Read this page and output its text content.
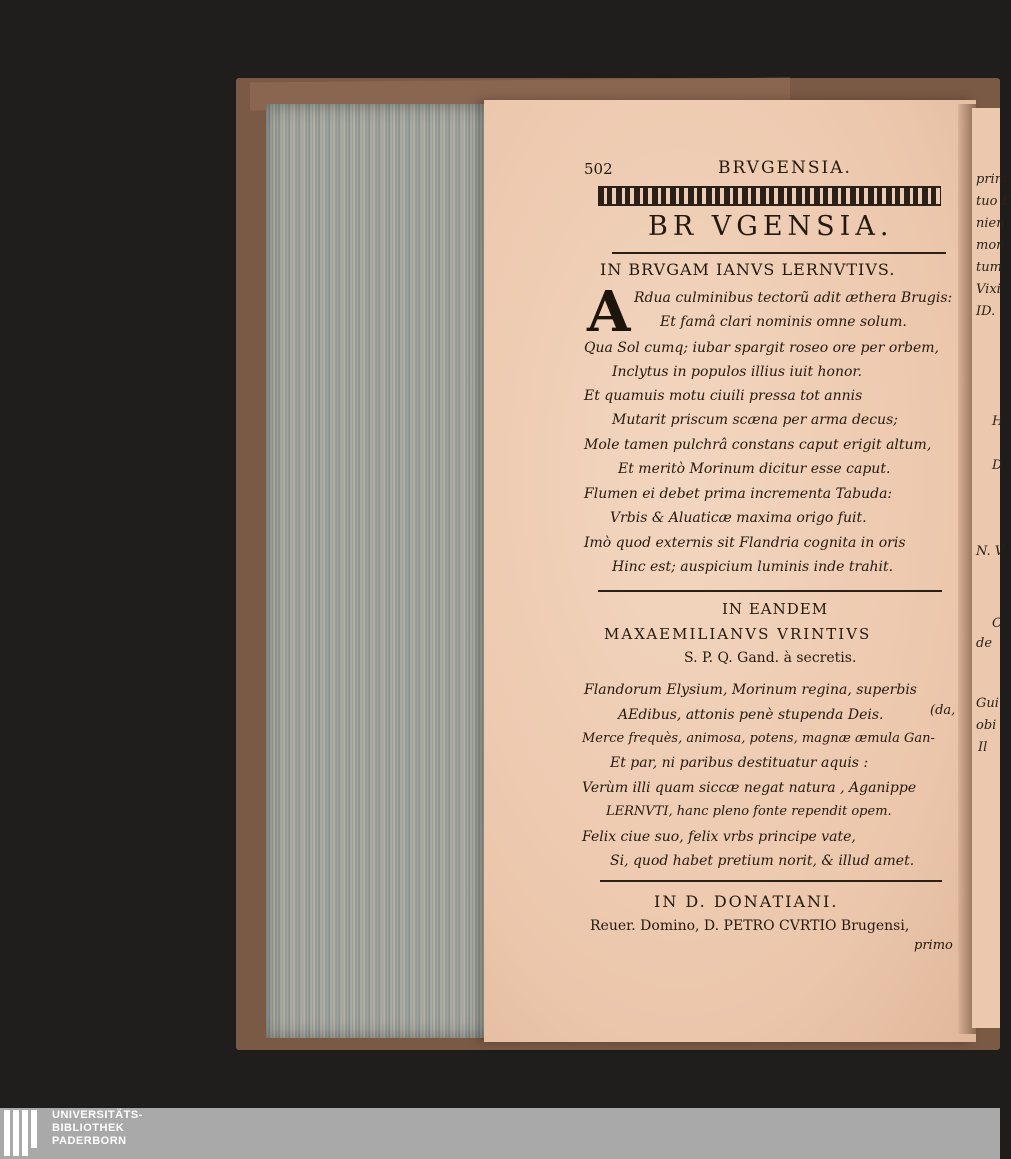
prim
tuo E
nien
mon
tum
Vixi
ID.
H
D
N. V
C
de
Gui
obi
Il
502	BRVGENSIA.
BR VGENSIA.
IN BRVGAM IANVS LERNVTIVS.
A Rdua culminibus tectorũ adit æthera Brugis:
Et famâ clari nominis omne solum.
Qua Sol cumq; iubar spargit roseo ore per orbem,
Inclytus in populos illius iuit honor.
Et quamuis motu ciuili pressa tot annis
Mutarit priscum scæna per arma decus;
Mole tamen pulchrâ constans caput erigit altum,
Et meritò Morinum dicitur esse caput.
Flumen ei debet prima incrementa Tabuda:
Vrbis & Aluaticæ maxima origo fuit.
Imò quod externis sit Flandria cognita in oris
Hinc est; auspicium luminis inde trahit.
IN EANDEM
MAXAEMILIANVS VRINTIVS
S. P. Q. Gand. à secretis.
Flandorum Elysium, Morinum regina, superbis
AEdibus, attonis penè stupenda Deis.	(da,
Merce frequès, animosa, potens, magnæ æmula Gan-
Et par, ni paribus destituatur aquis :
Verùm illi quam siccæ negat natura , Aganippe
LERNVTI, hanc pleno fonte rependit opem.
Felix ciue suo, felix vrbs principe vate,
Si, quod habet pretium norit, & illud amet.
IN D. DONATIANI.
Reuer. Domino, D. PETRO CVRTIO Brugensi,
primo
UNIVERSITÄTS-
BIBLIOTHEK
PADERBORN
